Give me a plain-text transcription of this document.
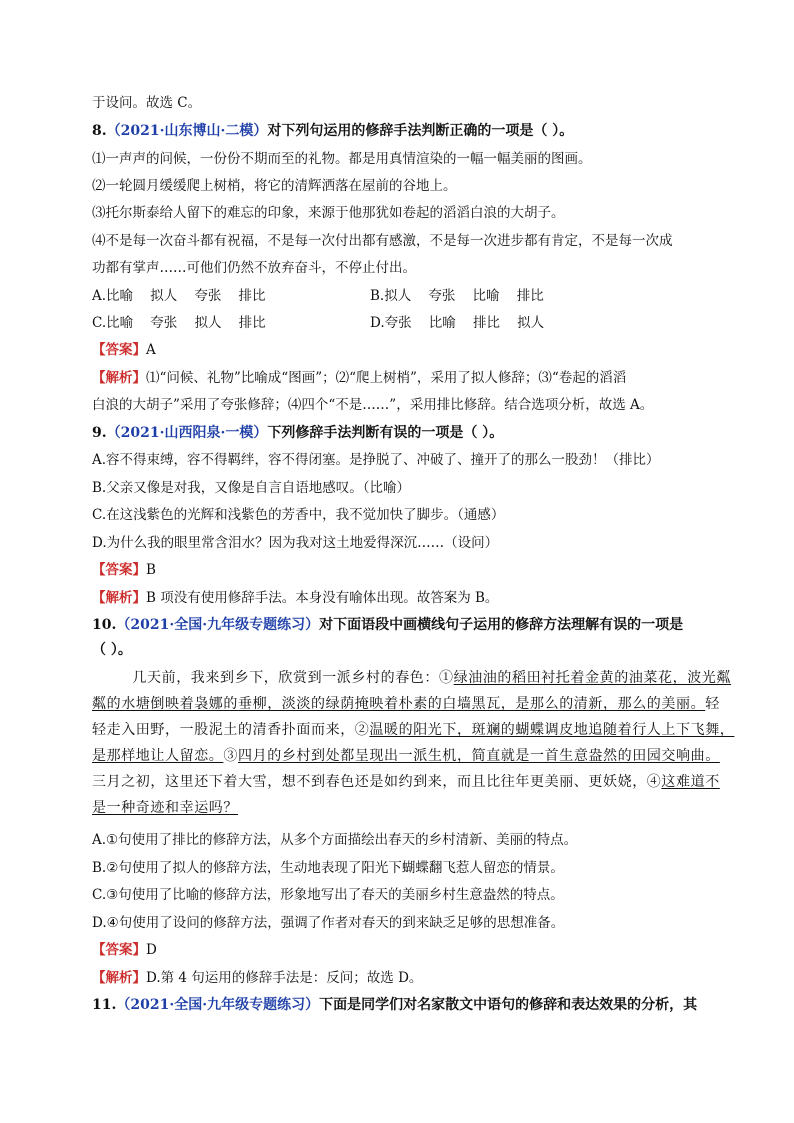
于设问。故选 C。
8.（2021·山东博山·二模）对下列句运用的修辞手法判断正确的一项是（ ）。
⑴一声声的问候，一份份不期而至的礼物。都是用真情渲染的一幅一幅美丽的图画。
⑵一轮圆月缓缓爬上树梢，将它的清辉洒落在屋前的谷地上。
⑶托尔斯泰给人留下的难忘的印象，来源于他那犹如卷起的滔滔白浪的大胡子。
⑷不是每一次奋斗都有祝福，不是每一次付出都有感激，不是每一次进步都有肯定，不是每一次成
功都有掌声……可他们仍然不放弃奋斗，不停止付出。
A.比喻    拟人    夸张    排比	B.拟人    夸张    比喻    排比
C.比喻    夸张    拟人    排比	D.夸张    比喻    排比    拟人
【答案】A
【解析】⑴“问候、礼物”比喻成“图画”；⑵“爬上树梢”，采用了拟人修辞；⑶“卷起的滔滔
白浪的大胡子”采用了夸张修辞；⑷四个“不是……”，采用排比修辞。结合选项分析，故选 A。
9.（2021·山西阳泉·一模）下列修辞手法判断有误的一项是（ ）。
A.容不得束缚，容不得羁绊，容不得闭塞。是挣脱了、冲破了、撞开了的那么一股劲！（排比）
B.父亲又像是对我，又像是自言自语地感叹。（比喻）
C.在这浅紫色的光辉和浅紫色的芳香中，我不觉加快了脚步。（通感）
D.为什么我的眼里常含泪水？因为我对这土地爱得深沉……（设问）
【答案】B
【解析】B 项没有使用修辞手法。本身没有喻体出现。故答案为 B。
10.（2021·全国·九年级专题练习）对下面语段中画横线句子运用的修辞方法理解有误的一项是
（ ）。
几天前，我来到乡下，欣赏到一派乡村的春色：①绿油油的稻田衬托着金黄的油菜花，波光粼
粼的水塘倒映着袅娜的垂柳，淡淡的绿荫掩映着朴素的白墙黑瓦，是那么的清新，那么的美丽。轻
轻走入田野，一股泥土的清香扑面而来，②温暖的阳光下，斑斓的蝴蝶调皮地追随着行人上下飞舞，
是那样地让人留恋。③四月的乡村到处都呈现出一派生机，简直就是一首生意盎然的田园交响曲。
三月之初，这里还下着大雪，想不到春色还是如约到来，而且比往年更美丽、更妖娆，④这难道不
是一种奇迹和幸运吗？
A.①句使用了排比的修辞方法，从多个方面描绘出春天的乡村清新、美丽的特点。
B.②句使用了拟人的修辞方法，生动地表现了阳光下蝴蝶翻飞惹人留恋的情景。
C.③句使用了比喻的修辞方法，形象地写出了春天的美丽乡村生意盎然的特点。
D.④句使用了设问的修辞方法，强调了作者对春天的到来缺乏足够的思想准备。
【答案】D
【解析】D.第 4 句运用的修辞手法是：反问；故选 D。
11.（2021·全国·九年级专题练习）下面是同学们对名家散文中语句的修辞和表达效果的分析，其
